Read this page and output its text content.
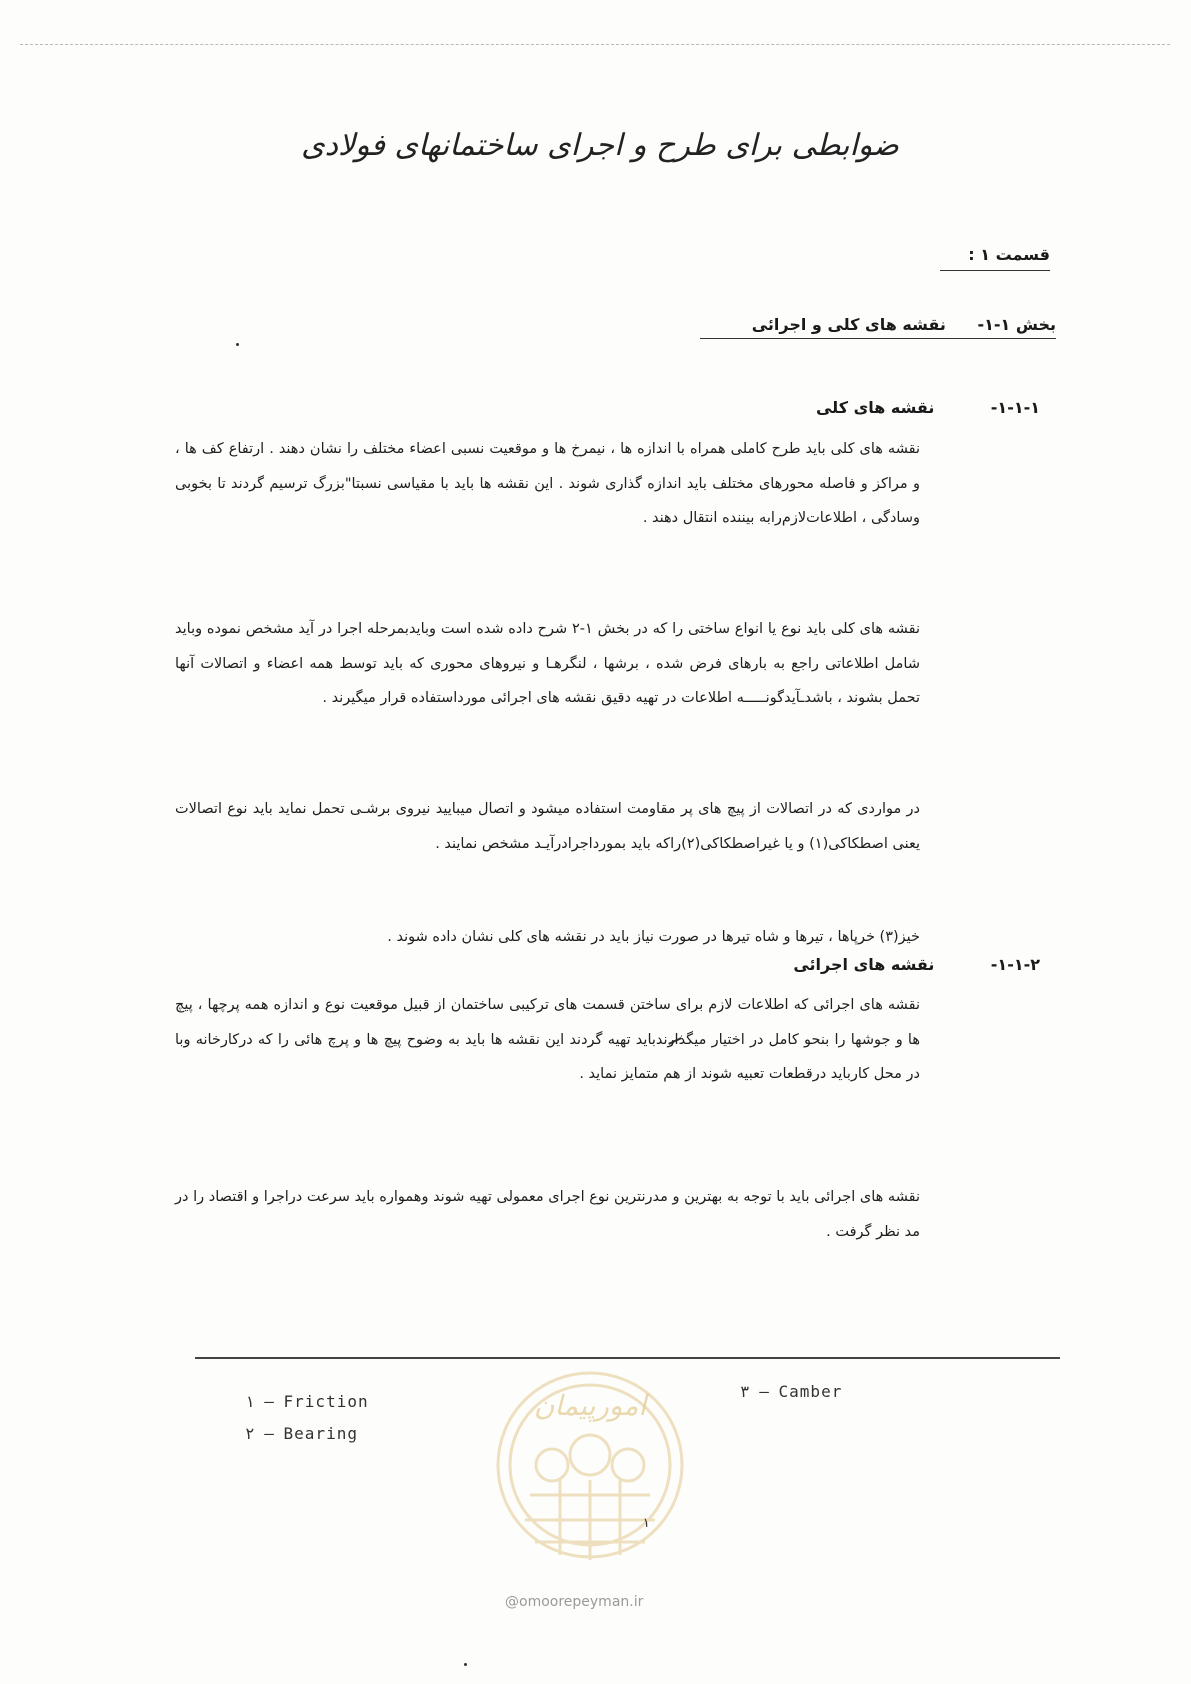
ضوابطی برای طرح و اجرای ساختمانهای فولادی
قسمت ۱ :
بخش ۱-۱- نقشه های کلی و اجرائی
۱-۱-۱- نقشه های کلی
نقشه های کلی باید طرح کاملی همراه با اندازه ها ، نیمرخ ها و موقعیت نسبی اعضاء مختلف را نشان دهند . ارتفاع کف ها ، و مراکز و فاصله محورهای مختلف باید اندازه گذاری شوند . این نقشه ها باید با مقیاسی نسبتا"بزرگ ترسیم گردند تا بخوبی وسادگی ، اطلاعات‌لازم‌رابه بیننده انتقال دهند .
نقشه های کلی باید نوع یا انواع ساختی را که در بخش ۱-۲ شرح داده شده است وبایدبمرحله اجرا در آید مشخص نموده وباید شامل اطلاعاتی راجع به بارهای فرض شده ، برشها ، لنگرهـا و نیروهای محوری که باید توسط همه اعضاء و اتصالات آنها تحمل بشوند ، باشدـآیدگونـــــه اطلاعات در تهیه دقیق نقشه های اجرائی مورداستفاده قرار میگیرند .
در مواردی که در اتصالات از پیچ های پر مقاومت استفاده میشود و اتصال میبایید نیروی برشـی تحمل نماید باید نوع اتصالات یعنی اصطکاکی(۱) و یا غیراصطکاکی(۲)راکه باید بمورداجرادرآیـد مشخص نمایند .
خیز(۳) خرپاها ، تیرها و شاه تیرها در صورت نیاز باید در نقشه های کلی نشان داده شوند .
۱-۱-۲- نقشه های اجرائی
نقشه های اجرائی که اطلاعات لازم برای ساختن قسمت های ترکیبی ساختمان از قبیل موقعیت نوع و اندازه همه پرچها ، پیچ ها و جوشها را بنحو کامل در اختیار میگذارندباید تهیه گردند این نقشه ها باید به وضوح پیچ ها و پرچ هائی را که درکارخانه وبا در محل کارباید درقطعات تعبیه شوند از هم متمایز نماید .
نقشه های اجرائی باید با توجه به بهترین و مدرنترین نوع اجرای معمولی تهیه شوند وهمواره باید سرعت دراجرا و اقتصاد را در مد نظر گرفت .
امورپیمان
@omoorepeyman.ir
۱ — Friction
۲ — Bearing
۳ — Camber
۱
